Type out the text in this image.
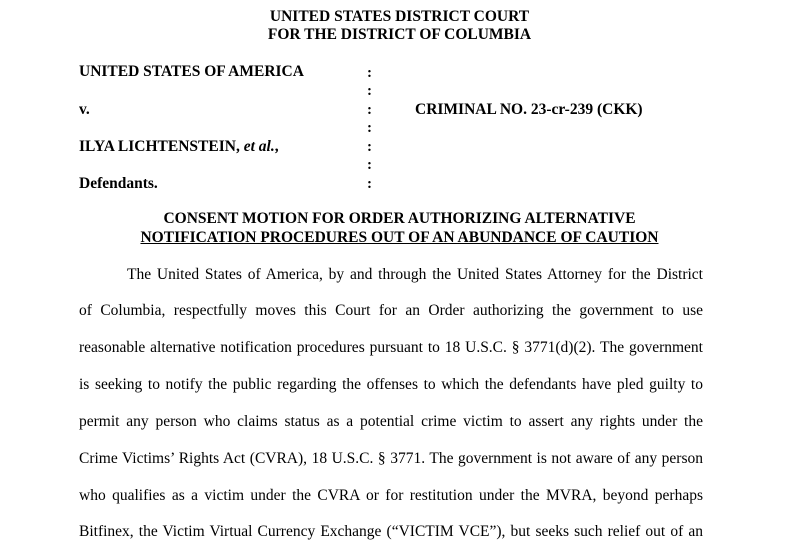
UNITED STATES DISTRICT COURT
FOR THE DISTRICT OF COLUMBIA
UNITED STATES OF AMERICA
v.
ILYA LICHTENSTEIN, et al.,
Defendants.
:
:
:
:
:
:
:
CRIMINAL NO. 23-cr-239 (CKK)
CONSENT MOTION FOR ORDER AUTHORIZING ALTERNATIVE
NOTIFICATION PROCEDURES OUT OF AN ABUNDANCE OF CAUTION
The United States of America, by and through the United States Attorney for the District
of Columbia, respectfully moves this Court for an Order authorizing the government to use
reasonable alternative notification procedures pursuant to 18 U.S.C. § 3771(d)(2). The government
is seeking to notify the public regarding the offenses to which the defendants have pled guilty to
permit any person who claims status as a potential crime victim to assert any rights under the
Crime Victims’ Rights Act (CVRA), 18 U.S.C. § 3771. The government is not aware of any person
who qualifies as a victim under the CVRA or for restitution under the MVRA, beyond perhaps
Bitfinex, the Victim Virtual Currency Exchange (“VICTIM VCE”), but seeks such relief out of an
